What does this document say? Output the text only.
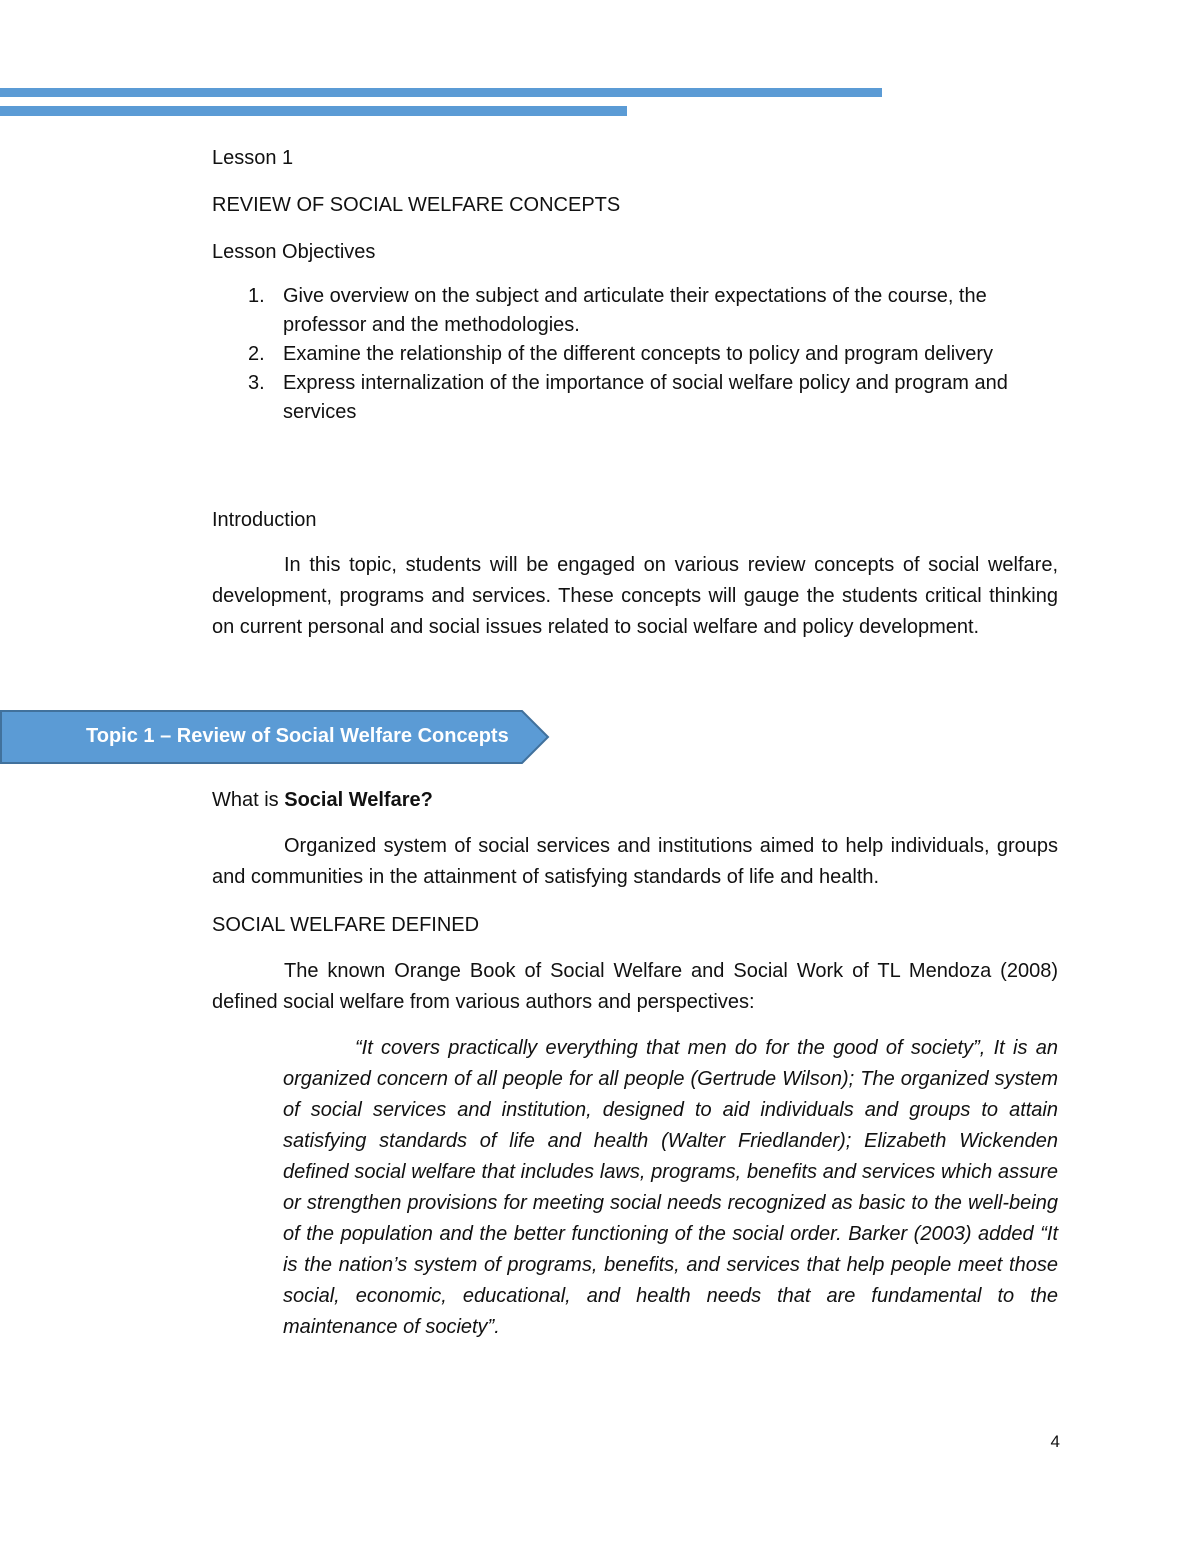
Lesson 1
REVIEW OF SOCIAL WELFARE CONCEPTS
Lesson Objectives
1. Give overview on the subject and articulate their expectations of the course, the professor and the methodologies.
2. Examine the relationship of the different concepts to policy and program delivery
3. Express internalization of the importance of social welfare policy and program and services
Introduction
In this topic, students will be engaged on various review concepts of social welfare, development, programs and services. These concepts will gauge the students critical thinking on current personal and social issues related to social welfare and policy development.
Topic 1 – Review of Social Welfare Concepts
What is Social Welfare?
Organized system of social services and institutions aimed to help individuals, groups and communities in the attainment of satisfying standards of life and health.
SOCIAL WELFARE DEFINED
The known Orange Book of Social Welfare and Social Work of TL Mendoza (2008) defined social welfare from various authors and perspectives:
“It covers practically everything that men do for the good of society”, It is an organized concern of all people for all people (Gertrude Wilson); The organized system of social services and institution, designed to aid individuals and groups to attain satisfying standards of life and health (Walter Friedlander); Elizabeth Wickenden defined social welfare that includes laws, programs, benefits and services which assure or strengthen provisions for meeting social needs recognized as basic to the well-being of the population and the better functioning of the social order. Barker (2003) added “It is the nation’s system of programs, benefits, and services that help people meet those social, economic, educational, and health needs that are fundamental to the maintenance of society”.
4
